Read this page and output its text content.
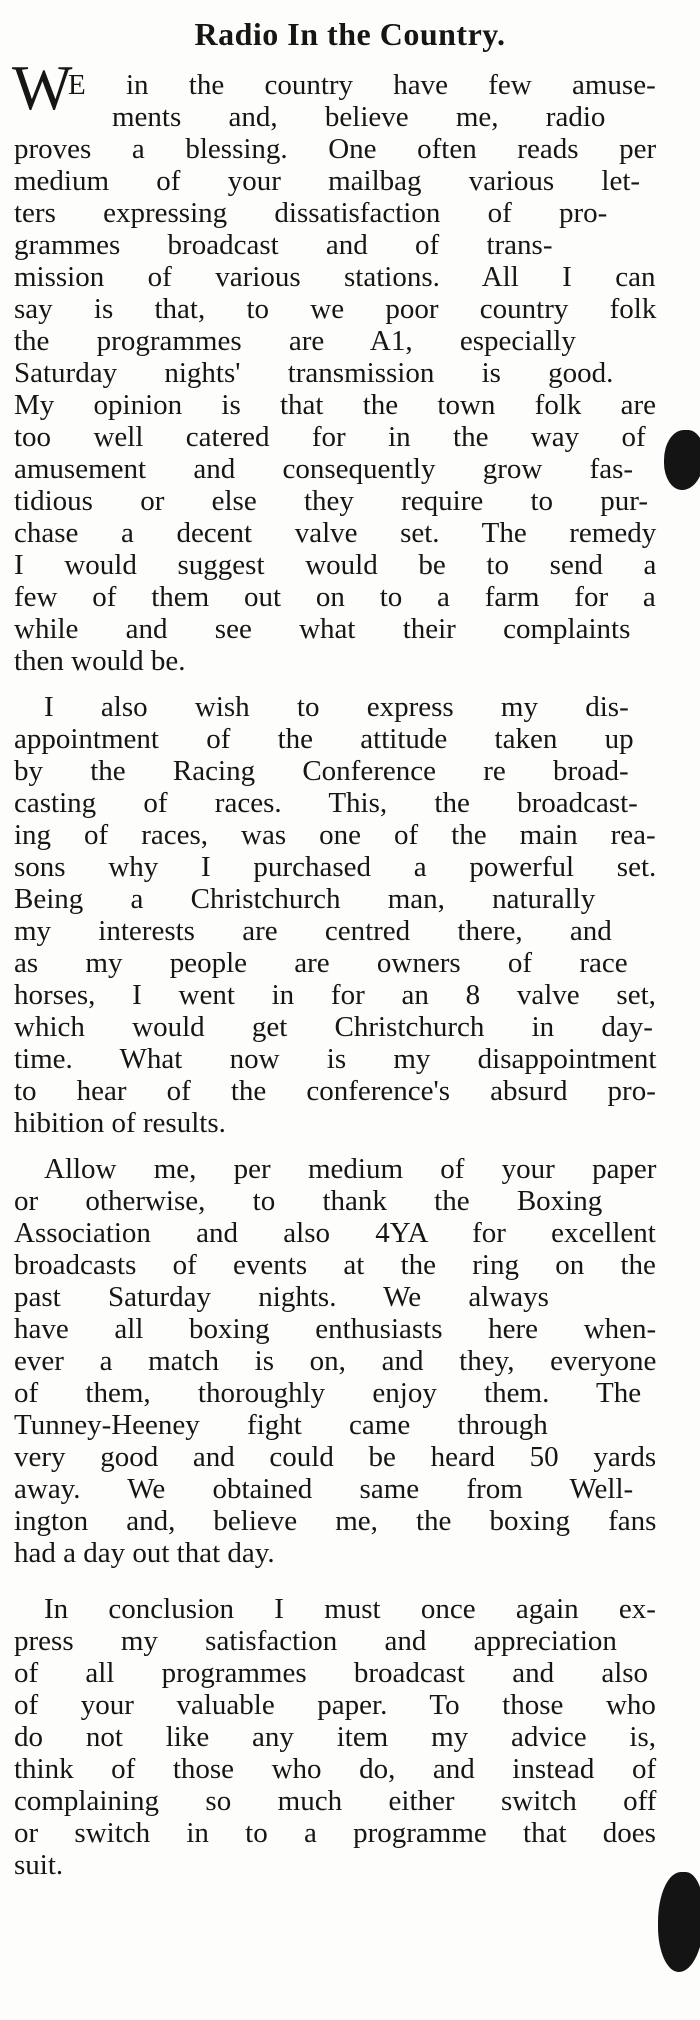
Radio In the Country.
W
E in the country have few amuse-
ments and, believe me, radio
proves a blessing. One often reads per
medium of your mailbag various let-
ters expressing dissatisfaction of pro-
grammes broadcast and of trans-
mission of various stations. All I can
say is that, to we poor country folk
the programmes are A1, especially
Saturday nights' transmission is good.
My opinion is that the town folk are
too well catered for in the way of
amusement and consequently grow fas-
tidious or else they require to pur-
chase a decent valve set. The remedy
I would suggest would be to send a
few of them out on to a farm for a
while and see what their complaints
then would be.
I also wish to express my dis-
appointment of the attitude taken up
by the Racing Conference re broad-
casting of races. This, the broadcast-
ing of races, was one of the main rea-
sons why I purchased a powerful set.
Being a Christchurch man, naturally
my interests are centred there, and
as my people are owners of race
horses, I went in for an 8 valve set,
which would get Christchurch in day-
time. What now is my disappointment
to hear of the conference's absurd pro-
hibition of results.
Allow me, per medium of your paper
or otherwise, to thank the Boxing
Association and also 4YA for excellent
broadcasts of events at the ring on the
past Saturday nights. We always
have all boxing enthusiasts here when-
ever a match is on, and they, everyone
of them, thoroughly enjoy them. The
Tunney-Heeney fight came through
very good and could be heard 50 yards
away. We obtained same from Well-
ington and, believe me, the boxing fans
had a day out that day.
In conclusion I must once again ex-
press my satisfaction and appreciation
of all programmes broadcast and also
of your valuable paper. To those who
do not like any item my advice is,
think of those who do, and instead of
complaining so much either switch off
or switch in to a programme that does
suit.
